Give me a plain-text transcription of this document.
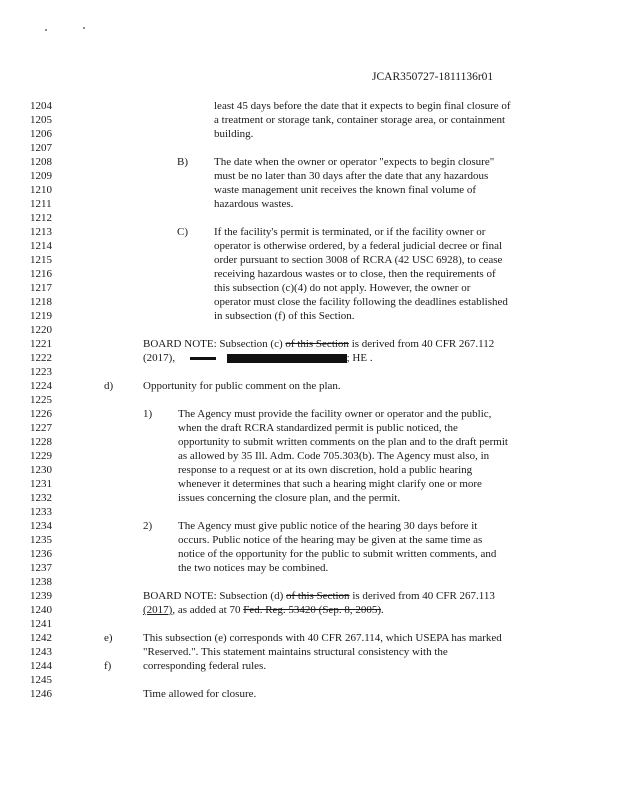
JCAR350727-1811136r01
1204	least 45 days before the date that it expects to begin final closure of
1205	a treatment or storage tank, container storage area, or containment
1206	building.
1207
1208	The date when the owner or operator "expects to begin closure"
1209	must be no later than 30 days after the date that any hazardous
1210	waste management unit receives the known final volume of
1211	hazardous wastes.
1212
1213	If the facility's permit is terminated, or if the facility owner or
1214	operator is otherwise ordered, by a federal judicial decree or final
1215	order pursuant to section 3008 of RCRA (42 USC 6928), to cease
1216	receiving hazardous wastes or to close, then the requirements of
1217	this subsection (c)(4) do not apply. However, the owner or
1218	operator must close the facility following the deadlines established
1219	in subsection (f) of this Section.
1220
1221
1222
1223
1224	Opportunity for public comment on the plan.
1225
1226	The Agency must provide the facility owner or operator and the public,
1227	when the draft RCRA standardized permit is public noticed, the
1228	opportunity to submit written comments on the plan and to the draft permit
1229	as allowed by 35 Ill. Adm. Code 705.303(b). The Agency must also, in
1230	response to a request or at its own discretion, hold a public hearing
1231	whenever it determines that such a hearing might clarify one or more
1232	issues concerning the closure plan, and the permit.
1233
1234	The Agency must give public notice of the hearing 30 days before it
1235	occurs. Public notice of the hearing may be given at the same time as
1236	notice of the opportunity for the public to submit written comments, and
1237	the two notices may be combined.
1238
1239
1240
1241
1242	This subsection (e) corresponds with 40 CFR 267.114, which USEPA has marked
1243	"Reserved.". This statement maintains structural consistency with the
1244	corresponding federal rules.
1245
1246	Time allowed for closure.
B)
C)
d)
1)
2)
e)
f)
BOARD NOTE: Subsection (c) of this Section is derived from 40 CFR 267.112
(2017),	; HE .
BOARD NOTE: Subsection (d) of this Section is derived from 40 CFR 267.113
(2017), as added at 70 Fed. Reg. 53420 (Sep. 8, 2005).
